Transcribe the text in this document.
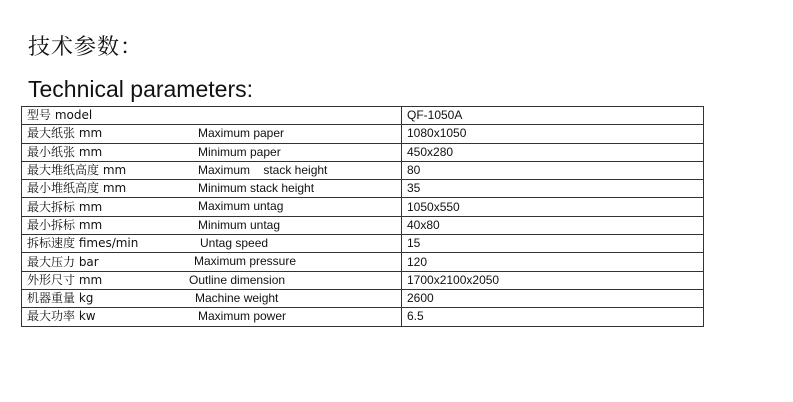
技术参数：
Technical parameters:
型号 model	QF-1050A
最大纸张 mm Maximum paper	1080x1050
最小纸张 mm Minimum paper	450x280
最大堆纸高度 mm Maximum    stack height	80
最小堆纸高度 mm Minimum stack height	35
最大拆标 mm Maximum untag	1050x550
最小拆标 mm Minimum untag	40x80
拆标速度 fimes/min Untag speed	15
最大压力 bar Maximum pressure	120
外形尺寸 mm Outline dimension	1700x2100x2050
机器重量 kg Machine weight	2600
最大功率 kw Maximum power	6.5
